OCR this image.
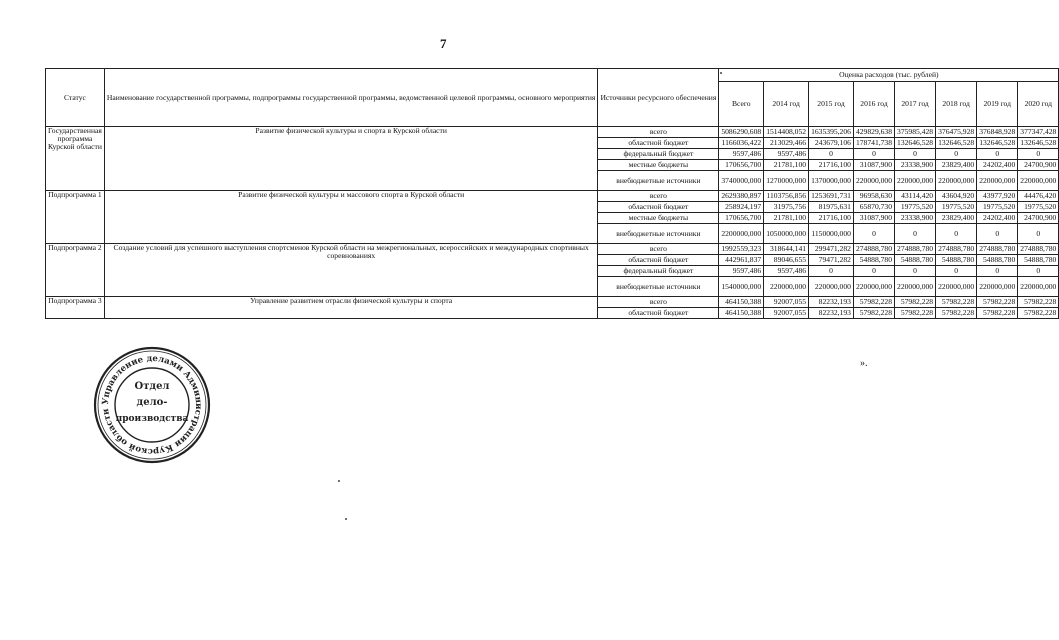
7
Статус	Наименование государственной программы, подпрограммы государственной программы, ведомственной целевой программы, основного мероприятия	Источники ресурсного обеспечения	Оценка расходов (тыс. рублей)							
			Всего	2014 год	2015 год	2016 год	2017 год	2018 год	2019 год	2020 год
Государственная программа Курской области	Развитие физической культуры и спорта в Курской области	всего	5086290,608	1514408,052	1635395,206	429829,638	375985,428	376475,928	376848,928	377347,428
		областной бюджет	1166036,422	213029,466	243679,106	178741,738	132646,528	132646,528	132646,528	132646,528
		федеральный бюджет	9597,486	9597,486	0	0	0	0	0	0
		местные бюджеты	170656,700	21781,100	21716,100	31087,900	23338,900	23829,400	24202,400	24700,900
		внебюджетные источники	3740000,000	1270000,000	1370000,000	220000,000	220000,000	220000,000	220000,000	220000,000
Подпрограмма 1	Развитие физической культуры и массового спорта в Курской области	всего	2629380,897	1103756,856	1253691,731	96958,630	43114,420	43604,920	43977,920	44476,420
		областной бюджет	258924,197	31975,756	81975,631	65870,730	19775,520	19775,520	19775,520	19775,520
		местные бюджеты	170656,700	21781,100	21716,100	31087,900	23338,900	23829,400	24202,400	24700,900
		внебюджетные источники	2200000,000	1050000,000	1150000,000	0	0	0	0	0
Подпрограмма 2	Создание условий для успешного выступления спортсменов Курской области на межрегиональных, всероссийских и международных спортивных соревнованиях	всего	1992559,323	318644,141	299471,282	274888,780	274888,780	274888,780	274888,780	274888,780
		областной бюджет	442961,837	89046,655	79471,282	54888,780	54888,780	54888,780	54888,780	54888,780
		федеральный бюджет	9597,486	9597,486	0	0	0	0	0	0
		внебюджетные источники	1540000,000	220000,000	220000,000	220000,000	220000,000	220000,000	220000,000	220000,000
Подпрограмма 3	Управление развитием отрасли физической культуры и спорта	всего	464150,388	92007,055	82232,193	57982,228	57982,228	57982,228	57982,228	57982,228
		областной бюджет	464150,388	92007,055	82232,193	57982,228	57982,228	57982,228	57982,228	57982,228
Управление делами Администрации Курской области
Отдел
дело-
производства
».
